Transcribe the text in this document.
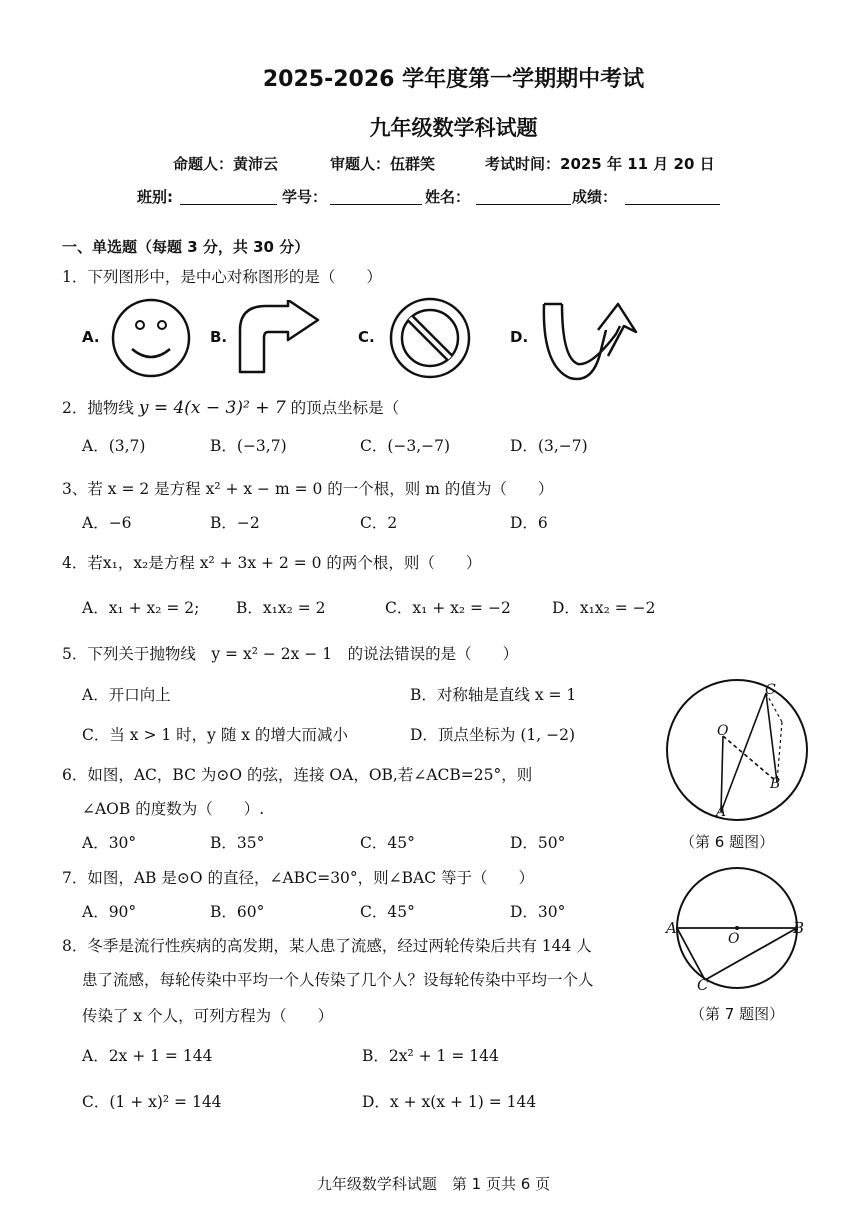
2025-2026 学年度第一学期期中考试
九年级数学科试题
命题人：黄沛云	审题人：伍群笑	考试时间：2025 年 11 月 20 日
班别:	学号：	姓名：	成绩：
一、单选题（每题 3 分，共 30 分）
1．下列图形中，是中心对称图形的是（　　）
A.	B.	C.	D.
2．抛物线 y = 4(x − 3)² + 7 的顶点坐标是（
A．(3,7)	B．(−3,7)	C．(−3,−7)	D．(3,−7)
3、若 x = 2 是方程 x² + x − m = 0 的一个根，则 m 的值为（　　）
A．−6	B．−2	C．2	D．6
4．若x₁，x₂是方程 x² + 3x + 2 = 0 的两个根，则（　　）
A．x₁ + x₂ = 2; B．x₁x₂ = 2	C．x₁ + x₂ = −2	D．x₁x₂ = −2
5．下列关于抛物线　y = x² − 2x − 1　的说法错误的是（　　）
A．开口向上	B．对称轴是直线 x = 1
C．当 x > 1 时，y 随 x 的增大而减小	D．顶点坐标为 (1, −2)	O
C
B
A
（第 6 题图）
6．如图，AC，BC 为⊙O 的弦，连接 OA，OB,若∠ACB=25°，则
∠AOB 的度数为（　　）.
A．30°	B．35°	C．45°	D．50°
A
O
B
C
（第 7 题图）
7．如图，AB 是⊙O 的直径，∠ABC=30°，则∠BAC 等于（　　）
A．90°	B．60°	C．45°	D．30°
8．冬季是流行性疾病的高发期，某人患了流感，经过两轮传染后共有 144 人
患了流感，每轮传染中平均一个人传染了几个人？设每轮传染中平均一个人
传染了 x 个人，可列方程为（　　）
A．2x + 1 = 144	B．2x² + 1 = 144
C．(1 + x)² = 144	D．x + x(x + 1) = 144
九年级数学科试题　第 1 页共 6 页
